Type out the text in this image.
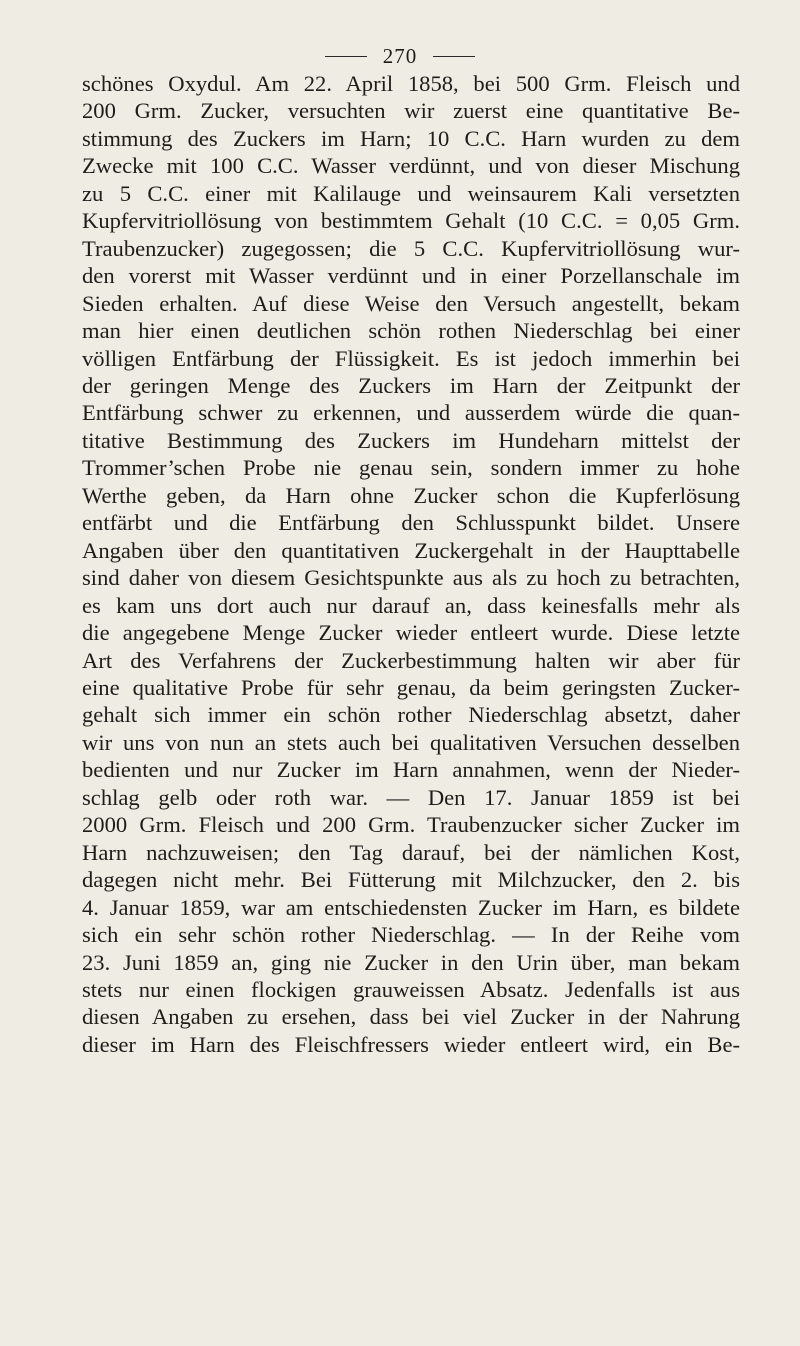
270
schönes Oxydul. Am 22. April 1858, bei 500 Grm. Fleisch und
200 Grm. Zucker, versuchten wir zuerst eine quantitative Be-
stimmung des Zuckers im Harn; 10 C.C. Harn wurden zu dem
Zwecke mit 100 C.C. Wasser verdünnt, und von dieser Mischung
zu 5 C.C. einer mit Kalilauge und weinsaurem Kali versetzten
Kupfervitriollösung von bestimmtem Gehalt (10 C.C. = 0,05 Grm.
Traubenzucker) zugegossen; die 5 C.C. Kupfervitriollösung wur-
den vorerst mit Wasser verdünnt und in einer Porzellanschale im
Sieden erhalten. Auf diese Weise den Versuch angestellt, bekam
man hier einen deutlichen schön rothen Niederschlag bei einer
völligen Entfärbung der Flüssigkeit. Es ist jedoch immerhin bei
der geringen Menge des Zuckers im Harn der Zeitpunkt der
Entfärbung schwer zu erkennen, und ausserdem würde die quan-
titative Bestimmung des Zuckers im Hundeharn mittelst der
Trommer’schen Probe nie genau sein, sondern immer zu hohe
Werthe geben, da Harn ohne Zucker schon die Kupferlösung
entfärbt und die Entfärbung den Schlusspunkt bildet. Unsere
Angaben über den quantitativen Zuckergehalt in der Haupttabelle
sind daher von diesem Gesichtspunkte aus als zu hoch zu betrachten,
es kam uns dort auch nur darauf an, dass keinesfalls mehr als
die angegebene Menge Zucker wieder entleert wurde. Diese letzte
Art des Verfahrens der Zuckerbestimmung halten wir aber für
eine qualitative Probe für sehr genau, da beim geringsten Zucker-
gehalt sich immer ein schön rother Niederschlag absetzt, daher
wir uns von nun an stets auch bei qualitativen Versuchen desselben
bedienten und nur Zucker im Harn annahmen, wenn der Nieder-
schlag gelb oder roth war. — Den 17. Januar 1859 ist bei
2000 Grm. Fleisch und 200 Grm. Traubenzucker sicher Zucker im
Harn nachzuweisen; den Tag darauf, bei der nämlichen Kost,
dagegen nicht mehr. Bei Fütterung mit Milchzucker, den 2. bis
4. Januar 1859, war am entschiedensten Zucker im Harn, es bildete
sich ein sehr schön rother Niederschlag. — In der Reihe vom
23. Juni 1859 an, ging nie Zucker in den Urin über, man bekam
stets nur einen flockigen grauweissen Absatz. Jedenfalls ist aus
diesen Angaben zu ersehen, dass bei viel Zucker in der Nahrung
dieser im Harn des Fleischfressers wieder entleert wird, ein Be-
